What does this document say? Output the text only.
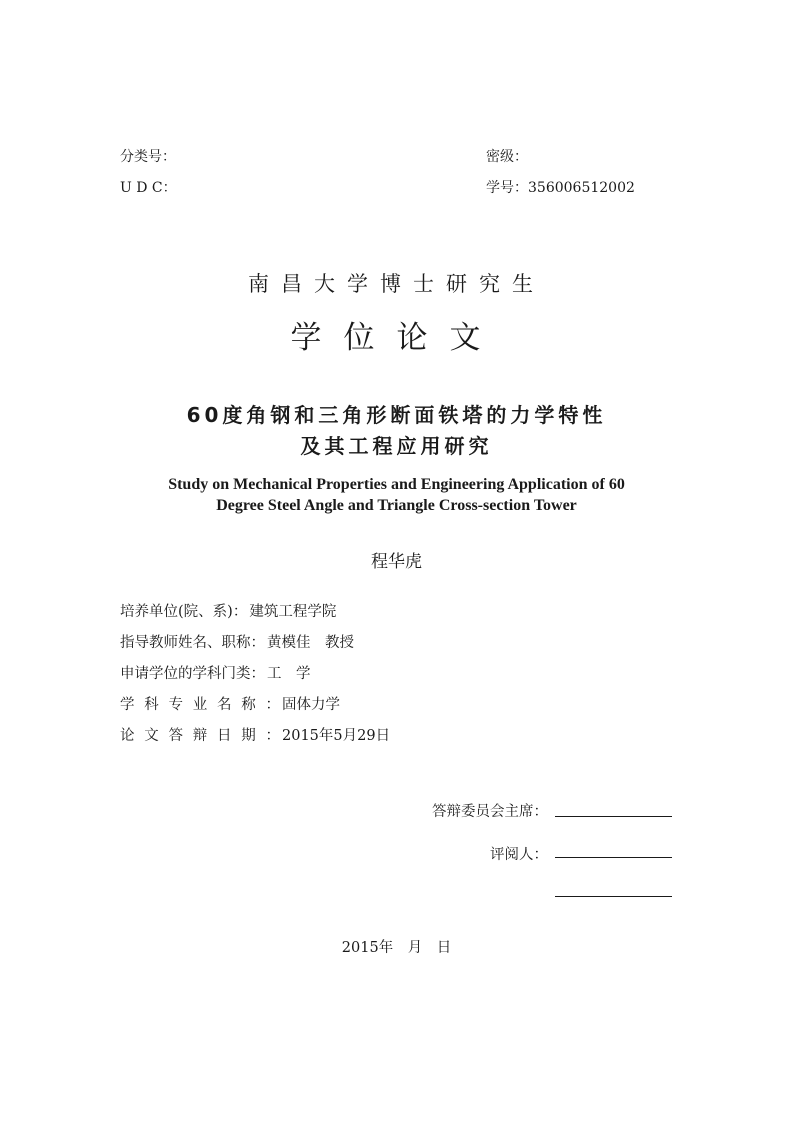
分类号：	密级：
U D C：	学号：356006512002
南昌大学博士研究生
学位论文
60度角钢和三角形断面铁塔的力学特性
及其工程应用研究
Study on Mechanical Properties and Engineering Application of 60
Degree Steel Angle and Triangle Cross-section Tower
程华虎
培养单位(院、系)： 建筑工程学院
指导教师姓名、职称： 黄模佳　教授
申请学位的学科门类： 工　学
学科专业名称： 固体力学
论文答辩日期： 2015年5月29日
答辩委员会主席：
评阅人：
2015年　月　日
